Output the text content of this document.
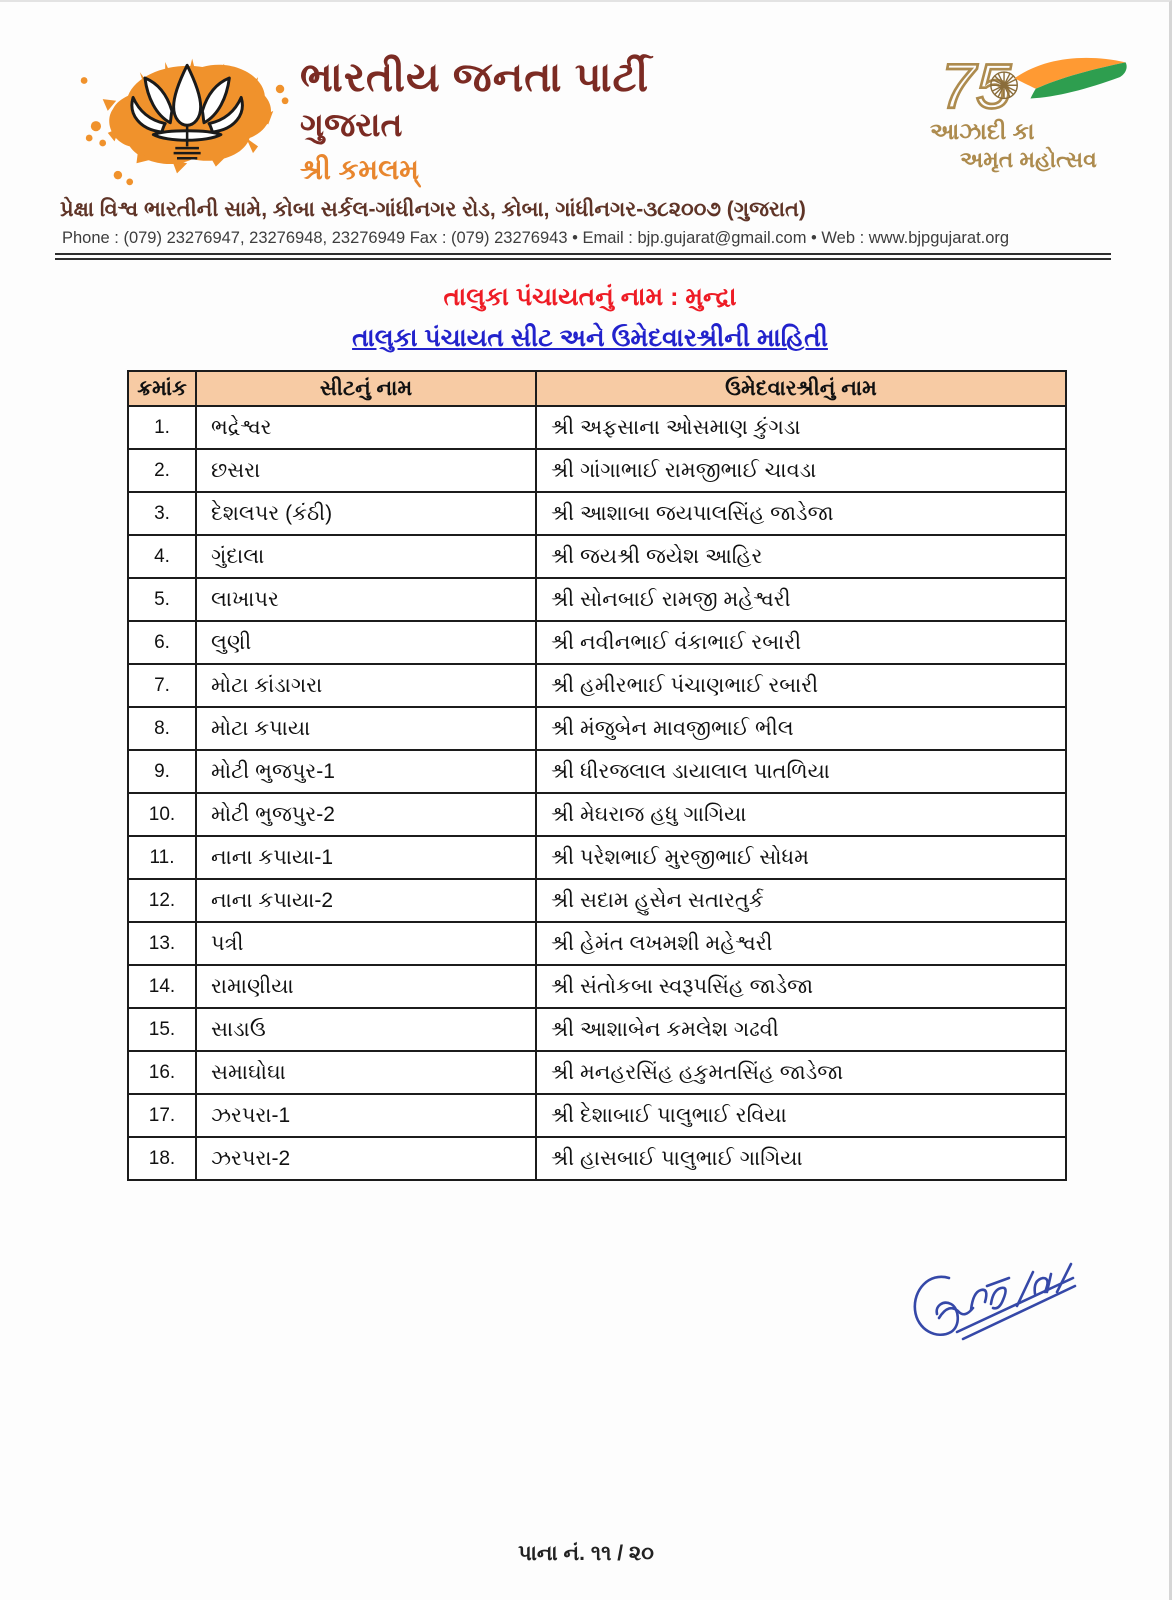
ભારતીય જનતા પાર્ટી
ગુજરાત
શ્રી કમલમ્
75
આઝાદી કા
અમૃત મહોત્સવ
પ્રેક્ષા વિશ્વ ભારતીની સામે, કોબા સર્કલ-ગાંધીનગર રોડ, કોબા, ગાંધીનગર-૩૮૨૦૦૭ (ગુજરાત)
Phone : (079) 23276947, 23276948, 23276949 Fax : (079) 23276943 • Email : bjp.gujarat@gmail.com • Web : www.bjpgujarat.org
તાલુકા પંચાયતનું નામ : મુન્દ્રા
તાલુકા પંચાયત સીટ અને ઉમેદવારશ્રીની માહિતી
ક્રમાંક	સીટનું નામ	ઉમેદવારશ્રીનું નામ
1.	ભદ્રેશ્વર	શ્રી અફસાના ઓસમાણ કુંગડા
2.	છસરા	શ્રી ગાંગાભાઈ રામજીભાઈ ચાવડા
3.	દેશલપર (કંઠી)	શ્રી આશાબા જયપાલસિંહ જાડેજા
4.	ગુંદાલા	શ્રી જયશ્રી જયેશ આહિર
5.	લાખાપર	શ્રી સોનબાઈ રામજી મહેશ્વરી
6.	લુણી	શ્રી નવીનભાઈ વંકાભાઈ રબારી
7.	મોટા કાંડાગરા	શ્રી હમીરભાઈ પંચાણભાઈ રબારી
8.	મોટા કપાયા	શ્રી મંજુબેન માવજીભાઈ ભીલ
9.	મોટી ભુજપુર-1	શ્રી ધીરજલાલ ડાયાલાલ પાતળિયા
10.	મોટી ભુજપુર-2	શ્રી મેઘરાજ હધુ ગાગિયા
11.	નાના કપાયા-1	શ્રી પરેશભાઈ મુરજીભાઈ સોધમ
12.	નાના કપાયા-2	શ્રી સદામ હુસેન સતારતુર્ક
13.	પત્રી	શ્રી હેમંત લખમશી મહેશ્વરી
14.	રામાણીયા	શ્રી સંતોકબા સ્વરૂપસિંહ જાડેજા
15.	સાડાઉ	શ્રી આશાબેન કમલેશ ગઢવી
16.	સમાઘોઘા	શ્રી મનહરસિંહ હકુમતસિંહ જાડેજા
17.	ઝરપરા-1	શ્રી દેશાબાઈ પાલુભાઈ રવિયા
18.	ઝરપરા-2	શ્રી હાસબાઈ પાલુભાઈ ગાગિયા
પાના નં. ૧૧ / ૨૦
